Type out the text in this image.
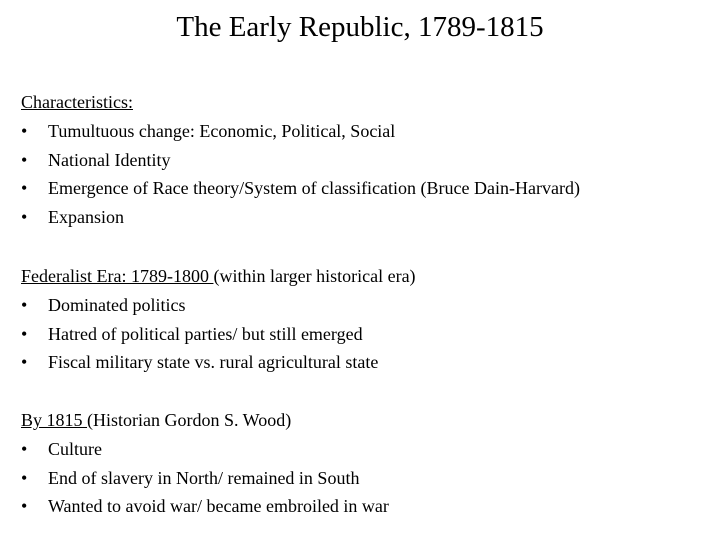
The Early Republic, 1789-1815
Characteristics:
• Tumultuous change: Economic, Political, Social
• National Identity
• Emergence of Race theory/System of classification (Bruce Dain-Harvard)
• Expansion
Federalist Era: 1789-1800 (within larger historical era)
• Dominated politics
• Hatred of political parties/ but still emerged
• Fiscal military state vs. rural agricultural state
By 1815 (Historian Gordon S. Wood)
• Culture
• End of slavery in North/ remained in South
• Wanted to avoid war/ became embroiled in war
